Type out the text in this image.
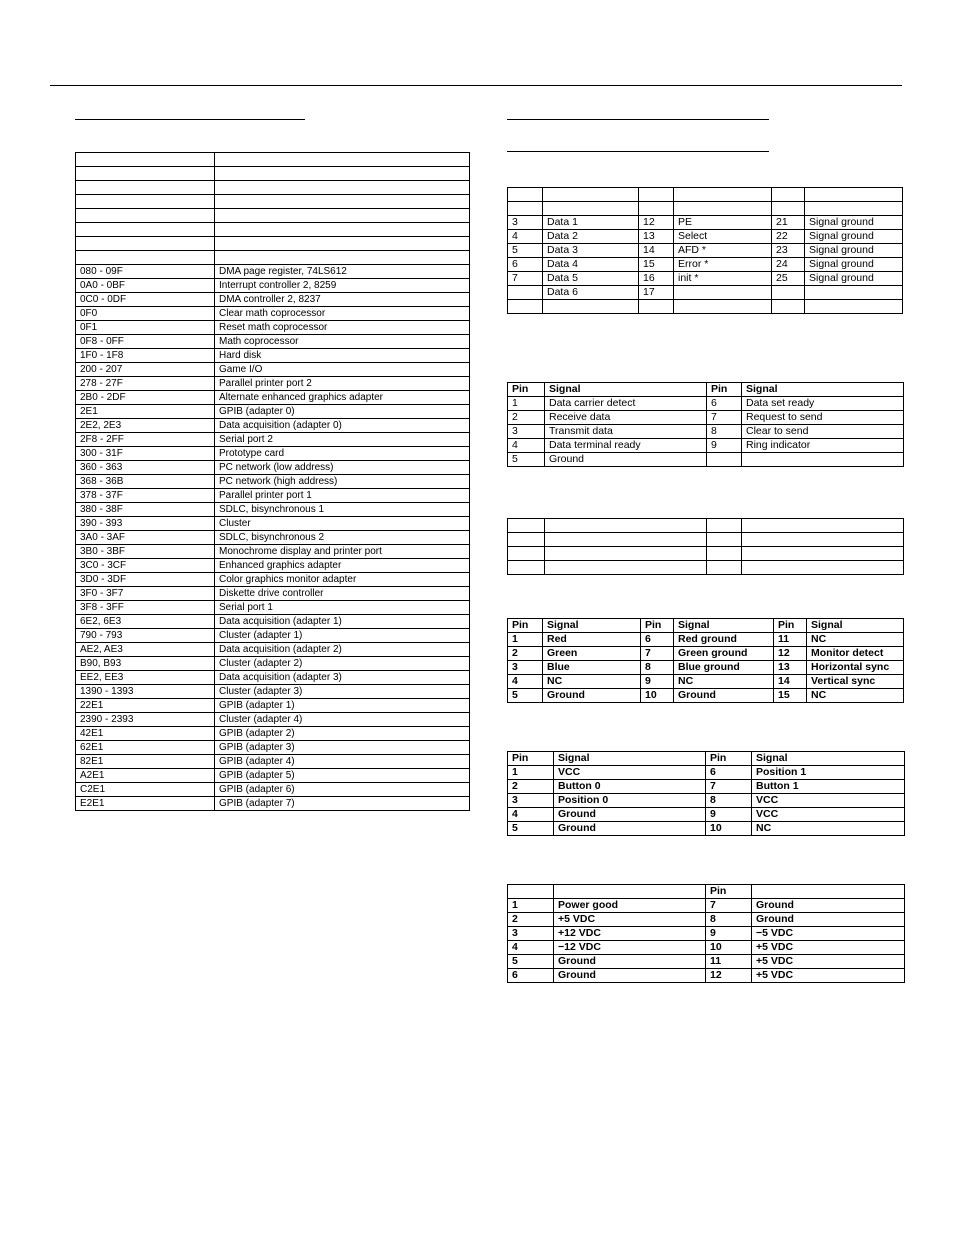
080 - 09F	DMA page register, 74LS612
0A0 - 0BF	Interrupt controller 2, 8259
0C0 - 0DF	DMA controller 2, 8237
0F0	Clear math coprocessor
0F1	Reset math coprocessor
0F8 - 0FF	Math coprocessor
1F0 - 1F8	Hard disk
200 - 207	Game I/O
278 - 27F	Parallel printer port 2
2B0 - 2DF	Alternate enhanced graphics adapter
2E1	GPIB (adapter 0)
2E2, 2E3	Data acquisition (adapter 0)
2F8 - 2FF	Serial port 2
300 - 31F	Prototype card
360 - 363	PC network (low address)
368 - 36B	PC network (high address)
378 - 37F	Parallel printer port 1
380 - 38F	SDLC, bisynchronous 1
390 - 393	Cluster
3A0 - 3AF	SDLC, bisynchronous 2
3B0 - 3BF	Monochrome display and printer port
3C0 - 3CF	Enhanced graphics adapter
3D0 - 3DF	Color graphics monitor adapter
3F0 - 3F7	Diskette drive controller
3F8 - 3FF	Serial port 1
6E2, 6E3	Data acquisition (adapter 1)
790 - 793	Cluster (adapter 1)
AE2, AE3	Data acquisition (adapter 2)
B90, B93	Cluster (adapter 2)
EE2, EE3	Data acquisition (adapter 3)
1390 - 1393	Cluster (adapter 3)
22E1	GPIB (adapter 1)
2390 - 2393	Cluster (adapter 4)
42E1	GPIB (adapter 2)
62E1	GPIB (adapter 3)
82E1	GPIB (adapter 4)
A2E1	GPIB (adapter 5)
C2E1	GPIB (adapter 6)
E2E1	GPIB (adapter 7)

3	Data 1	12	PE	21	Signal ground
4	Data 2	13	Select	22	Signal ground
5	Data 3	14	AFD *	23	Signal ground
6	Data 4	15	Error *	24	Signal ground
7	Data 5	16	init *	25	Signal ground
	Data 6	17			

Pin	Signal	Pin	Signal
1	Data carrier detect	6	Data set ready
2	Receive data	7	Request to send
3	Transmit data	8	Clear to send
4	Data terminal ready	9	Ring indicator
5	Ground		

Pin	Signal	Pin	Signal	Pin	Signal
1	Red	6	Red ground	11	NC
2	Green	7	Green ground	12	Monitor detect
3	Blue	8	Blue ground	13	Horizontal sync
4	NC	9	NC	14	Vertical sync
5	Ground	10	Ground	15	NC
Pin	Signal	Pin	Signal
1	VCC	6	Position 1
2	Button 0	7	Button 1
3	Position 0	8	VCC
4	Ground	9	VCC
5	Ground	10	NC
		Pin	
1	Power good	7	Ground
2	+5 VDC	8	Ground
3	+12 VDC	9	−5 VDC
4	−12 VDC	10	+5 VDC
5	Ground	11	+5 VDC
6	Ground	12	+5 VDC
